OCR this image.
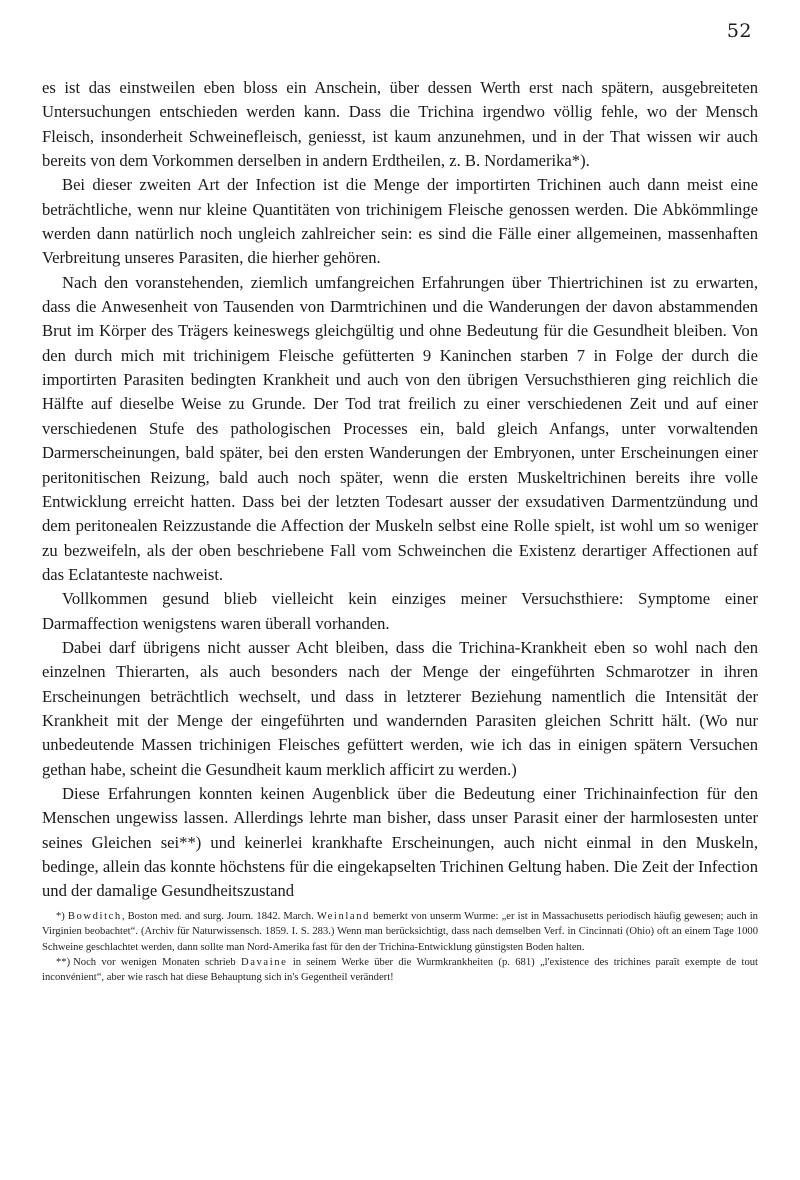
52

es ist das einstweilen eben bloss ein Anschein, über dessen Werth erst nach spätern, ausgebreiteten Untersuchungen entschieden werden kann. Dass die Trichina irgendwo völlig fehle, wo der Mensch Fleisch, insonderheit Schweinefleisch, geniesst, ist kaum anzunehmen, und in der That wissen wir auch bereits von dem Vorkommen derselben in andern Erdtheilen, z. B. Nordamerika*).

Bei dieser zweiten Art der Infection ist die Menge der importirten Trichinen auch dann meist eine beträchtliche, wenn nur kleine Quantitäten von trichinigem Fleische genossen werden. Die Abkömmlinge werden dann natürlich noch ungleich zahlreicher sein: es sind die Fälle einer allgemeinen, massenhaften Verbreitung unseres Parasiten, die hierher gehören.

Nach den voranstehenden, ziemlich umfangreichen Erfahrungen über Thiertrichinen ist zu erwarten, dass die Anwesenheit von Tausenden von Darmtrichinen und die Wanderungen der davon abstammenden Brut im Körper des Trägers keineswegs gleichgültig und ohne Bedeutung für die Gesundheit bleiben. Von den durch mich mit trichinigem Fleische gefütterten 9 Kaninchen starben 7 in Folge der durch die importirten Parasiten bedingten Krankheit und auch von den übrigen Versuchsthieren ging reichlich die Hälfte auf dieselbe Weise zu Grunde. Der Tod trat freilich zu einer verschiedenen Zeit und auf einer verschiedenen Stufe des pathologischen Processes ein, bald gleich Anfangs, unter vorwaltenden Darmerscheinungen, bald später, bei den ersten Wanderungen der Embryonen, unter Erscheinungen einer peritonitischen Reizung, bald auch noch später, wenn die ersten Muskeltrichinen bereits ihre volle Entwicklung erreicht hatten. Dass bei der letzten Todesart ausser der exsudativen Darmentzündung und dem peritonealen Reizzustande die Affection der Muskeln selbst eine Rolle spielt, ist wohl um so weniger zu bezweifeln, als der oben beschriebene Fall vom Schweinchen die Existenz derartiger Affectionen auf das Eclatanteste nachweist.

Vollkommen gesund blieb vielleicht kein einziges meiner Versuchsthiere: Symptome einer Darmaffection wenigstens waren überall vorhanden.

Dabei darf übrigens nicht ausser Acht bleiben, dass die Trichina-Krankheit eben so wohl nach den einzelnen Thierarten, als auch besonders nach der Menge der eingeführten Schmarotzer in ihren Erscheinungen beträchtlich wechselt, und dass in letzterer Beziehung namentlich die Intensität der Krankheit mit der Menge der eingeführten und wandernden Parasiten gleichen Schritt hält. (Wo nur unbedeutende Massen trichinigen Fleisches gefüttert werden, wie ich das in einigen spätern Versuchen gethan habe, scheint die Gesundheit kaum merklich afficirt zu werden.)

Diese Erfahrungen konnten keinen Augenblick über die Bedeutung einer Trichinainfection für den Menschen ungewiss lassen. Allerdings lehrte man bisher, dass unser Parasit einer der harmlosesten unter seines Gleichen sei**) und keinerlei krankhafte Erscheinungen, auch nicht einmal in den Muskeln, bedinge, allein das konnte höchstens für die eingekapselten Trichinen Geltung haben. Die Zeit der Infection und der damalige Gesundheitszustand

*) Bowditch, Boston med. and surg. Journ. 1842. March. Weinland bemerkt von unserm Wurme: „er ist in Massachusetts periodisch häufig gewesen; auch in Virginien beobachtet“. (Archiv für Naturwissensch. 1859. I. S. 283.) Wenn man berücksichtigt, dass nach demselben Verf. in Cincinnati (Ohio) oft an einem Tage 1000 Schweine geschlachtet werden, dann sollte man Nord-Amerika fast für den der Trichina-Entwicklung günstigsten Boden halten.

**) Noch vor wenigen Monaten schrieb Davaine in seinem Werke über die Wurmkrankheiten (p. 681) „l'existence des trichines paraît exempte de tout inconvénient“, aber wie rasch hat diese Behauptung sich in's Gegentheil verändert!
